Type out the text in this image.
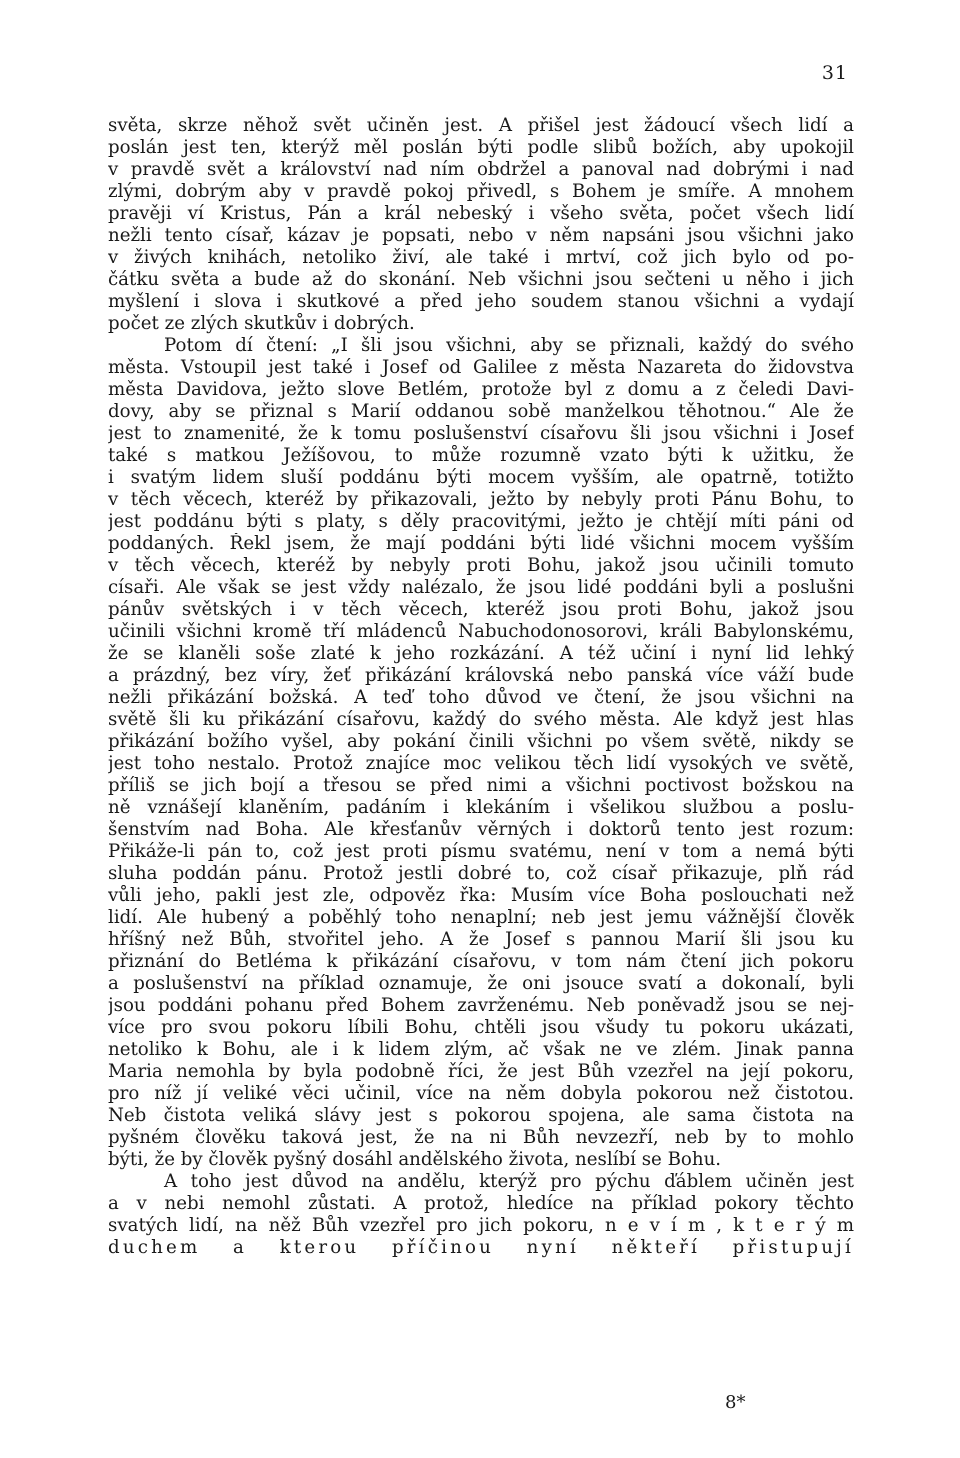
31
světa, skrze něhož svět učiněn jest. A přišel jest žádoucí všech lidí a
poslán jest ten, kterýž měl poslán býti podle slibů božích, aby upokojil
v pravdě svět a království nad ním obdržel a panoval nad dobrými i nad
zlými, dobrým aby v pravdě pokoj přivedl, s Bohem je smíře. A mnohem
pravěji ví Kristus, Pán a král nebeský i všeho světa, počet všech lidí
nežli tento císař, kázav je popsati, nebo v něm napsáni jsou všichni jako
v živých knihách, netoliko živí, ale také i mrtví, což jich bylo od po-
čátku světa a bude až do skonání. Neb všichni jsou sečteni u něho i jich
myšlení i slova i skutkové a před jeho soudem stanou všichni a vydají
počet ze zlých skutkův i dobrých.
Potom dí čtení: „I šli jsou všichni, aby se přiznali, každý do svého
města. Vstoupil jest také i Josef od Galilee z města Nazareta do židovstva
města Davidova, ježto slove Betlém, protože byl z domu a z čeledi Davi-
dovy, aby se přiznal s Marií oddanou sobě manželkou těhotnou.“ Ale že
jest to znamenité, že k tomu poslušenství císařovu šli jsou všichni i Josef
také s matkou Ježíšovou, to může rozumně vzato býti k užitku, že
i svatým lidem sluší poddánu býti mocem vyšším, ale opatrně, totižto
v těch věcech, kteréž by přikazovali, ježto by nebyly proti Pánu Bohu, to
jest poddánu býti s platy, s děly pracovitými, ježto je chtějí míti páni od
poddaných. Řekl jsem, že mají poddáni býti lidé všichni mocem vyšším
v těch věcech, kteréž by nebyly proti Bohu, jakož jsou učinili tomuto
císaři. Ale však se jest vždy nalézalo, že jsou lidé poddáni byli a poslušni
pánův světských i v těch věcech, kteréž jsou proti Bohu, jakož jsou
učinili všichni kromě tří mládenců Nabuchodonosorovi, králi Babylonskému,
že se klaněli soše zlaté k jeho rozkázání. A též učiní i nyní lid lehký
a prázdný, bez víry, žeť přikázání královská nebo panská více váží bude
nežli přikázání božská. A teď toho důvod ve čtení, že jsou všichni na
světě šli ku přikázání císařovu, každý do svého města. Ale když jest hlas
přikázání božího vyšel, aby pokání činili všichni po všem světě, nikdy se
jest toho nestalo. Protož znajíce moc velikou těch lidí vysokých ve světě,
příliš se jich bojí a třesou se před nimi a všichni poctivost božskou na
ně vznášejí klaněním, padáním i klekáním i všelikou službou a poslu-
šenstvím nad Boha. Ale křesťanův věrných i doktorů tento jest rozum:
Přikáže-li pán to, což jest proti písmu svatému, není v tom a nemá býti
sluha poddán pánu. Protož jestli dobré to, což císař přikazuje, plň rád
vůli jeho, pakli jest zle, odpověz řka: Musím více Boha poslouchati než
lidí. Ale hubený a poběhlý toho nenaplní; neb jest jemu vážnější člověk
hříšný než Bůh, stvořitel jeho. A že Josef s pannou Marií šli jsou ku
přiznání do Betléma k přikázání císařovu, v tom nám čtení jich pokoru
a poslušenství na příklad oznamuje, že oni jsouce svatí a dokonalí, byli
jsou poddáni pohanu před Bohem zavrženému. Neb poněvadž jsou se nej-
více pro svou pokoru líbili Bohu, chtěli jsou všudy tu pokoru ukázati,
netoliko k Bohu, ale i k lidem zlým, ač však ne ve zlém. Jinak panna
Maria nemohla by byla podobně říci, že jest Bůh vzezřel na její pokoru,
pro níž jí veliké věci učinil, více na něm dobyla pokorou než čistotou.
Neb čistota veliká slávy jest s pokorou spojena, ale sama čistota na
pyšném člověku taková jest, že na ni Bůh nevzezří, neb by to mohlo
býti, že by člověk pyšný dosáhl andělského života, neslíbí se Bohu.
A toho jest důvod na andělu, kterýž pro pýchu ďáblem učiněn jest
a v nebi nemohl zůstati. A protož, hledíce na příklad pokory těchto
svatých lidí, na něž Bůh vzezřel pro jich pokoru, n e v í m , k t e r ý m
duchem a kterou příčinou nyní někteří přistupují
8*
